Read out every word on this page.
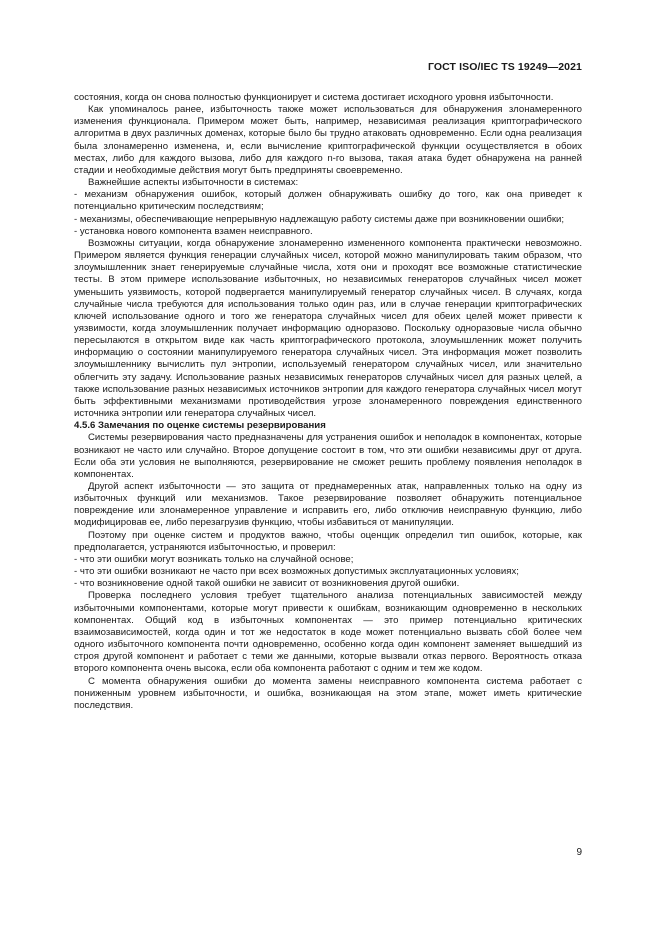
ГОСТ ISO/IEC TS 19249—2021

состояния, когда он снова полностью функционирует и система достигает исходного уровня избыточности.

Как упоминалось ранее, избыточность также может использоваться для обнаружения злонамеренного изменения функционала. Примером может быть, например, независимая реализация криптографического алгоритма в двух различных доменах, которые было бы трудно атаковать одновременно. Если одна реализация была злонамеренно изменена, и, если вычисление криптографической функции осуществляется в обоих местах, либо для каждого вызова, либо для каждого n-го вызова, такая атака будет обнаружена на ранней стадии и необходимые действия могут быть предприняты своевременно.

Важнейшие аспекты избыточности в системах:

- механизм обнаружения ошибок, который должен обнаруживать ошибку до того, как она приведет к потенциально критическим последствиям;

- механизмы, обеспечивающие непрерывную надлежащую работу системы даже при возникновении ошибки;

- установка нового компонента взамен неисправного.

Возможны ситуации, когда обнаружение злонамеренно измененного компонента практически невозможно. Примером является функция генерации случайных чисел, которой можно манипулировать таким образом, что злоумышленник знает генерируемые случайные числа, хотя они и проходят все возможные статистические тесты. В этом примере использование избыточных, но независимых генераторов случайных чисел может уменьшить уязвимость, которой подвергается манипулируемый генератор случайных чисел. В случаях, когда случайные числа требуются для использования только один раз, или в случае генерации криптографических ключей использование одного и того же генератора случайных чисел для обеих целей может привести к уязвимости, когда злоумышленник получает информацию одноразово. Поскольку одноразовые числа обычно пересылаются в открытом виде как часть криптографического протокола, злоумышленник может получить информацию о состоянии манипулируемого генератора случайных чисел. Эта информация может позволить злоумышленнику вычислить пул энтропии, используемый генератором случайных чисел, или значительно облегчить эту задачу. Использование разных независимых генераторов случайных чисел для разных целей, а также использование разных независимых источников энтропии для каждого генератора случайных чисел могут быть эффективными механизмами противодействия угрозе злонамеренного повреждения единственного источника энтропии или генератора случайных чисел.

4.5.6 Замечания по оценке системы резервирования

Системы резервирования часто предназначены для устранения ошибок и неполадок в компонентах, которые возникают не часто или случайно. Второе допущение состоит в том, что эти ошибки независимы друг от друга. Если оба эти условия не выполняются, резервирование не сможет решить проблему появления неполадок в компонентах.

Другой аспект избыточности — это защита от преднамеренных атак, направленных только на одну из избыточных функций или механизмов. Такое резервирование позволяет обнаружить потенциальное повреждение или злонамеренное управление и исправить его, либо отключив неисправную функцию, либо модифицировав ее, либо перезагрузив функцию, чтобы избавиться от манипуляции.

Поэтому при оценке систем и продуктов важно, чтобы оценщик определил тип ошибок, которые, как предполагается, устраняются избыточностью, и проверил:

- что эти ошибки могут возникать только на случайной основе;

- что эти ошибки возникают не часто при всех возможных допустимых эксплуатационных условиях;

- что возникновение одной такой ошибки не зависит от возникновения другой ошибки.

Проверка последнего условия требует тщательного анализа потенциальных зависимостей между избыточными компонентами, которые могут привести к ошибкам, возникающим одновременно в нескольких компонентах. Общий код в избыточных компонентах — это пример потенциально критических взаимозависимостей, когда один и тот же недостаток в коде может потенциально вызвать сбой более чем одного избыточного компонента почти одновременно, особенно когда один компонент заменяет вышедший из строя другой компонент и работает с теми же данными, которые вызвали отказ первого. Вероятность отказа второго компонента очень высока, если оба компонента работают с одним и тем же кодом.

С момента обнаружения ошибки до момента замены неисправного компонента система работает с пониженным уровнем избыточности, и ошибка, возникающая на этом этапе, может иметь критические последствия.

9
